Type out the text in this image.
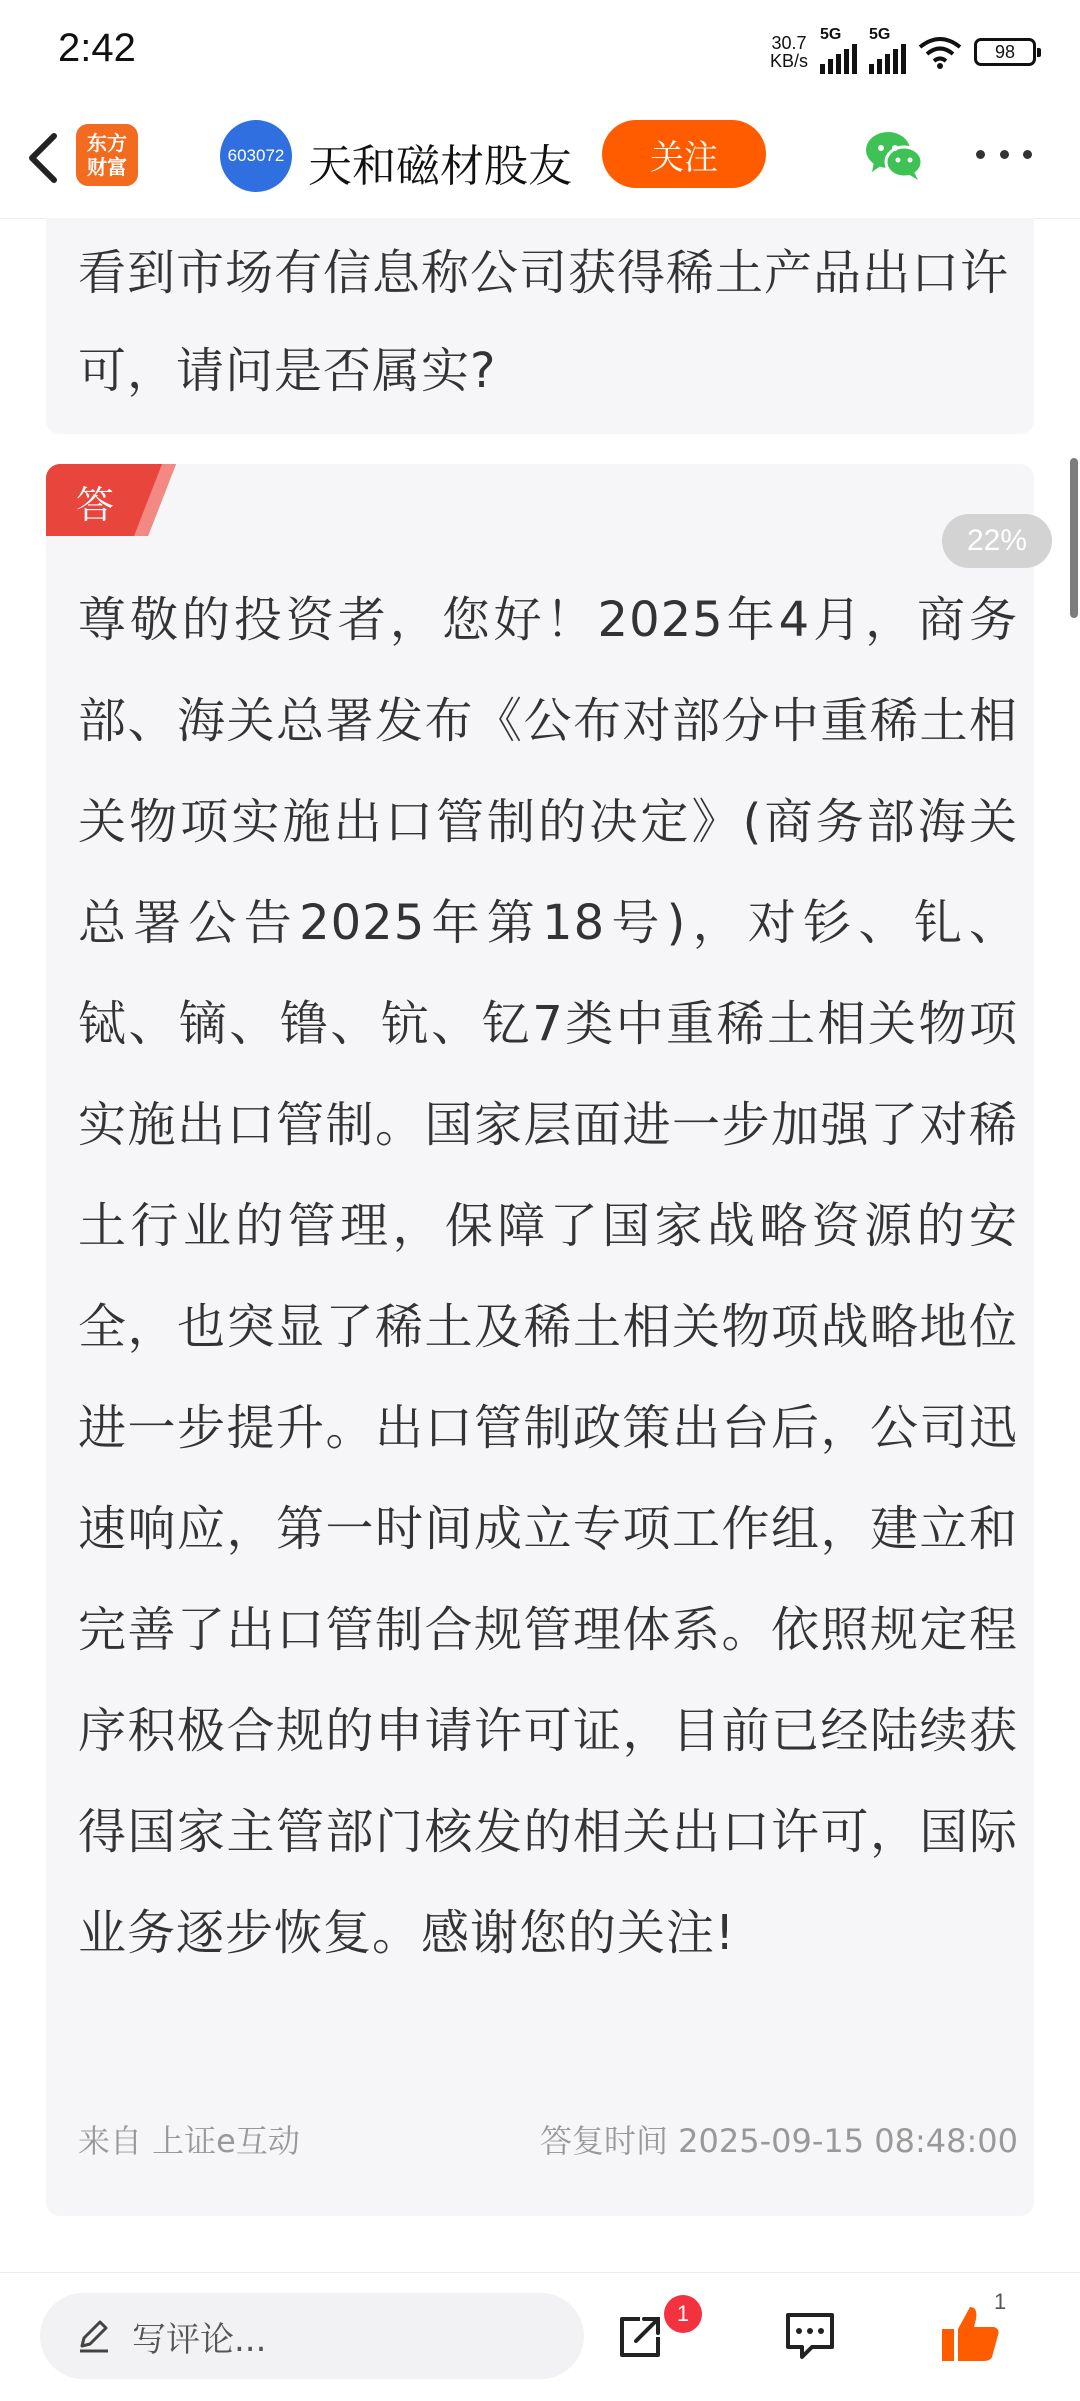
2:42	30.7
KB/s
5G 5G
98
东方
财富	603072 天和磁材股友	关注
看到市场有信息称公司获得稀土产品出口许可，请问是否属实?
答
尊敬的投资者，您好！2025年4月，商务部、海关总署发布《公布对部分中重稀土相关物项实施出口管制的决定》(商务部海关总署公告2025年第18号)，对钐、钆、铽、镝、镥、钪、钇7类中重稀土相关物项实施出口管制。国家层面进一步加强了对稀土行业的管理，保障了国家战略资源的安全，也突显了稀土及稀土相关物项战略地位进一步提升。出口管制政策出台后，公司迅速响应，第一时间成立专项工作组，建立和完善了出口管制合规管理体系。依照规定程序积极合规的申请许可证，目前已经陆续获得国家主管部门核发的相关出口许可，国际业务逐步恢复。感谢您的关注!
来自 上证e互动	答复时间 2025-09-15 08:48:00
22%
写评论...
1	1
